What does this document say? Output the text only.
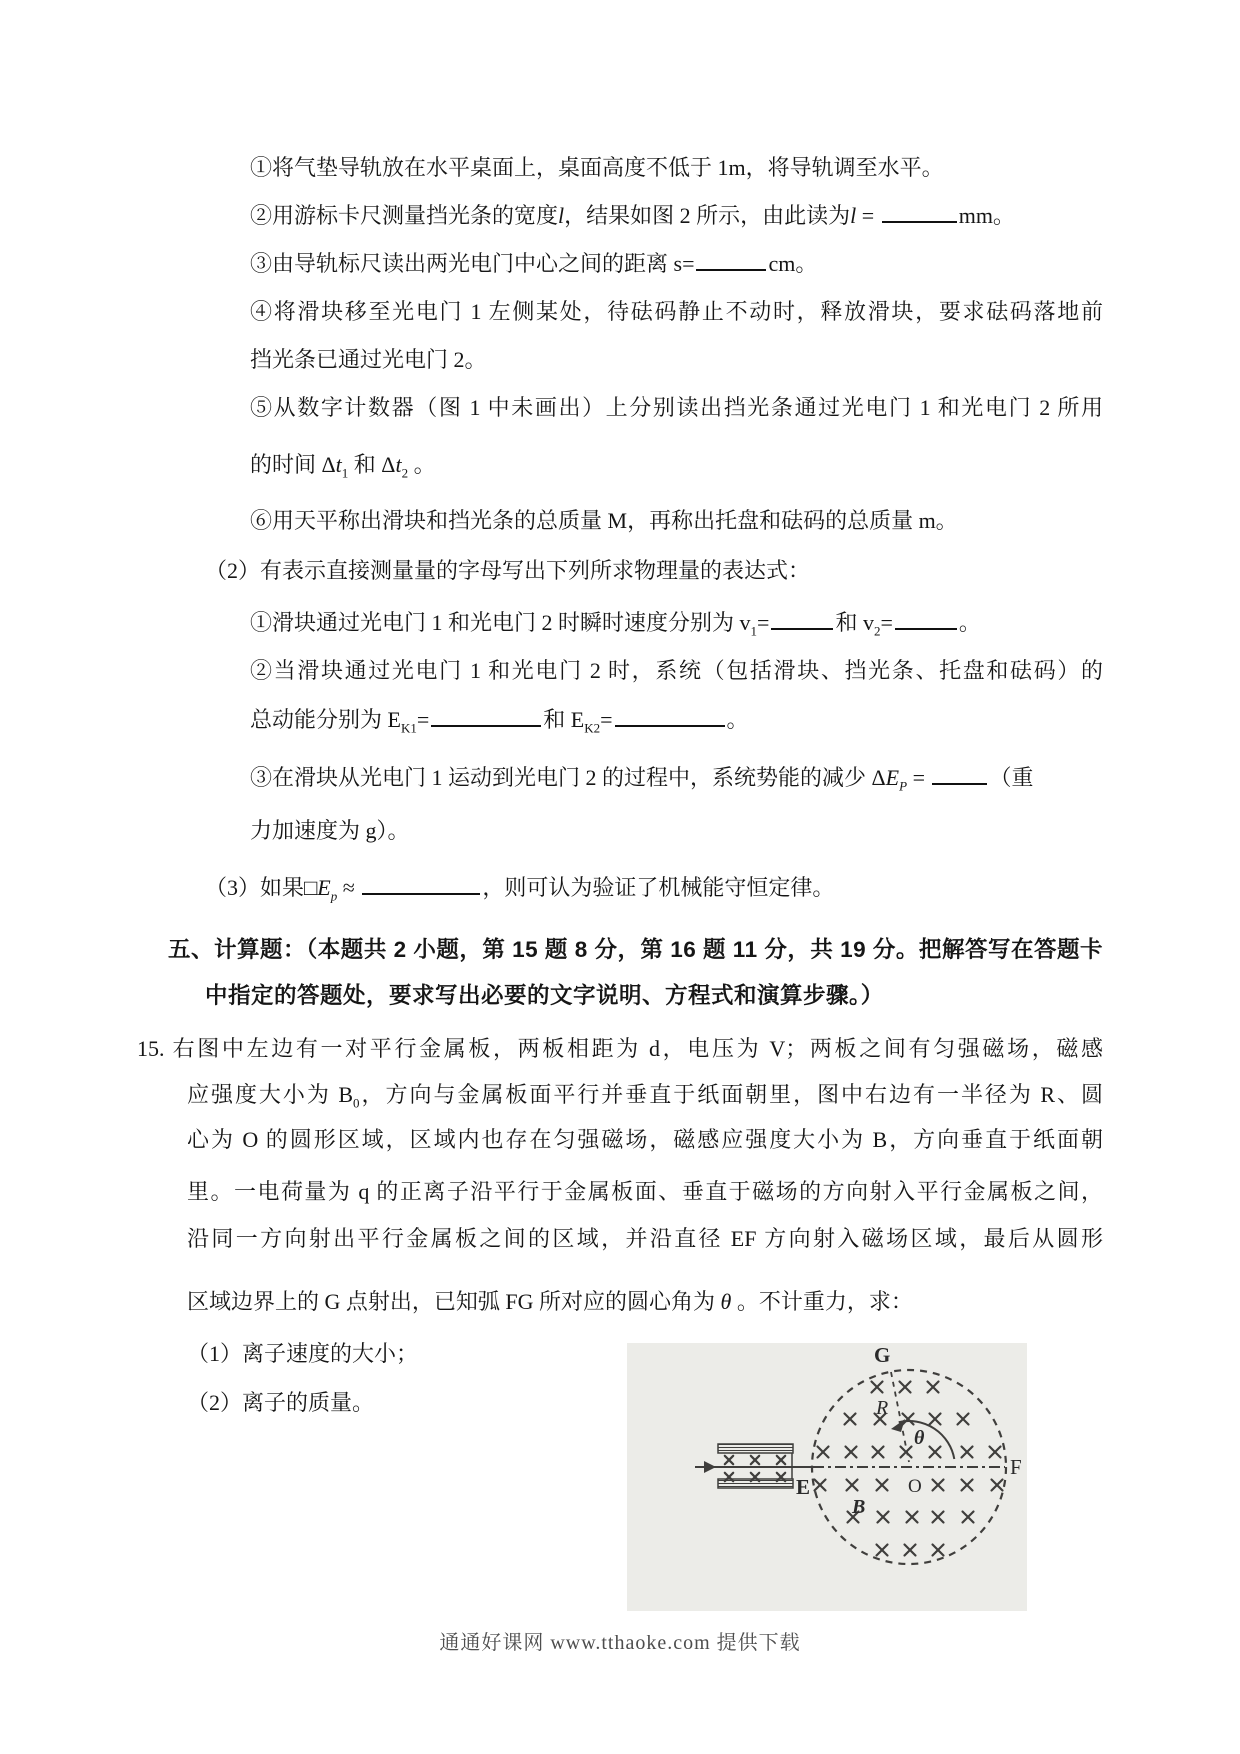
①将气垫导轨放在水平桌面上，桌面高度不低于 1m，将导轨调至水平。
②用游标卡尺测量挡光条的宽度l，结果如图 2 所示，由此读为l =	mm。
③由导轨标尺读出两光电门中心之间的距离 s=	cm。
④将滑块移至光电门 1 左侧某处，待砝码静止不动时，释放滑块，要求砝码落地前
挡光条已通过光电门 2。
⑤从数字计数器（图 1 中未画出）上分别读出挡光条通过光电门 1 和光电门 2 所用
的时间 $\Delta t_1$ 和 $\Delta t_2$ 。
⑥用天平称出滑块和挡光条的总质量 M，再称出托盘和砝码的总质量 m。
（2）有表示直接测量量的字母写出下列所求物理量的表达式：
①滑块通过光电门 1 和光电门 2 时瞬时速度分别为 $v_1=$	和 $v_2=$	。
②当滑块通过光电门 1 和光电门 2 时，系统（包括滑块、挡光条、托盘和砝码）的
总动能分别为 $E_{K1}=$	和 $E_{K2}=$	。
③在滑块从光电门 1 运动到光电门 2 的过程中，系统势能的减少 $\Delta E_P$ =	（重
力加速度为 g）。
（3）如果$□E_p$ ≈	，则可认为验证了机械能守恒定律。
五、计算题：（本题共 2 小题，第 15 题 8 分，第 16 题 11 分，共 19 分。把解答写在答题卡
中指定的答题处，要求写出必要的文字说明、方程式和演算步骤。）
15. 右图中左边有一对平行金属板，两板相距为 d，电压为 V；两板之间有匀强磁场，磁感
应强度大小为 $B_0$，方向与金属板面平行并垂直于纸面朝里，图中右边有一半径为 R、圆
心为 O 的圆形区域，区域内也存在匀强磁场，磁感应强度大小为 B，方向垂直于纸面朝
里。一电荷量为 q 的正离子沿平行于金属板面、垂直于磁场的方向射入平行金属板之间，
沿同一方向射出平行金属板之间的区域，并沿直径 EF 方向射入磁场区域，最后从圆形
区域边界上的 G 点射出，已知弧 FG 所对应的圆心角为 θ 。不计重力，求：
（1）离子速度的大小；
（2）离子的质量。
G
R
θ
O
E
F
B
通通好课网 www.tthaoke.com 提供下载
